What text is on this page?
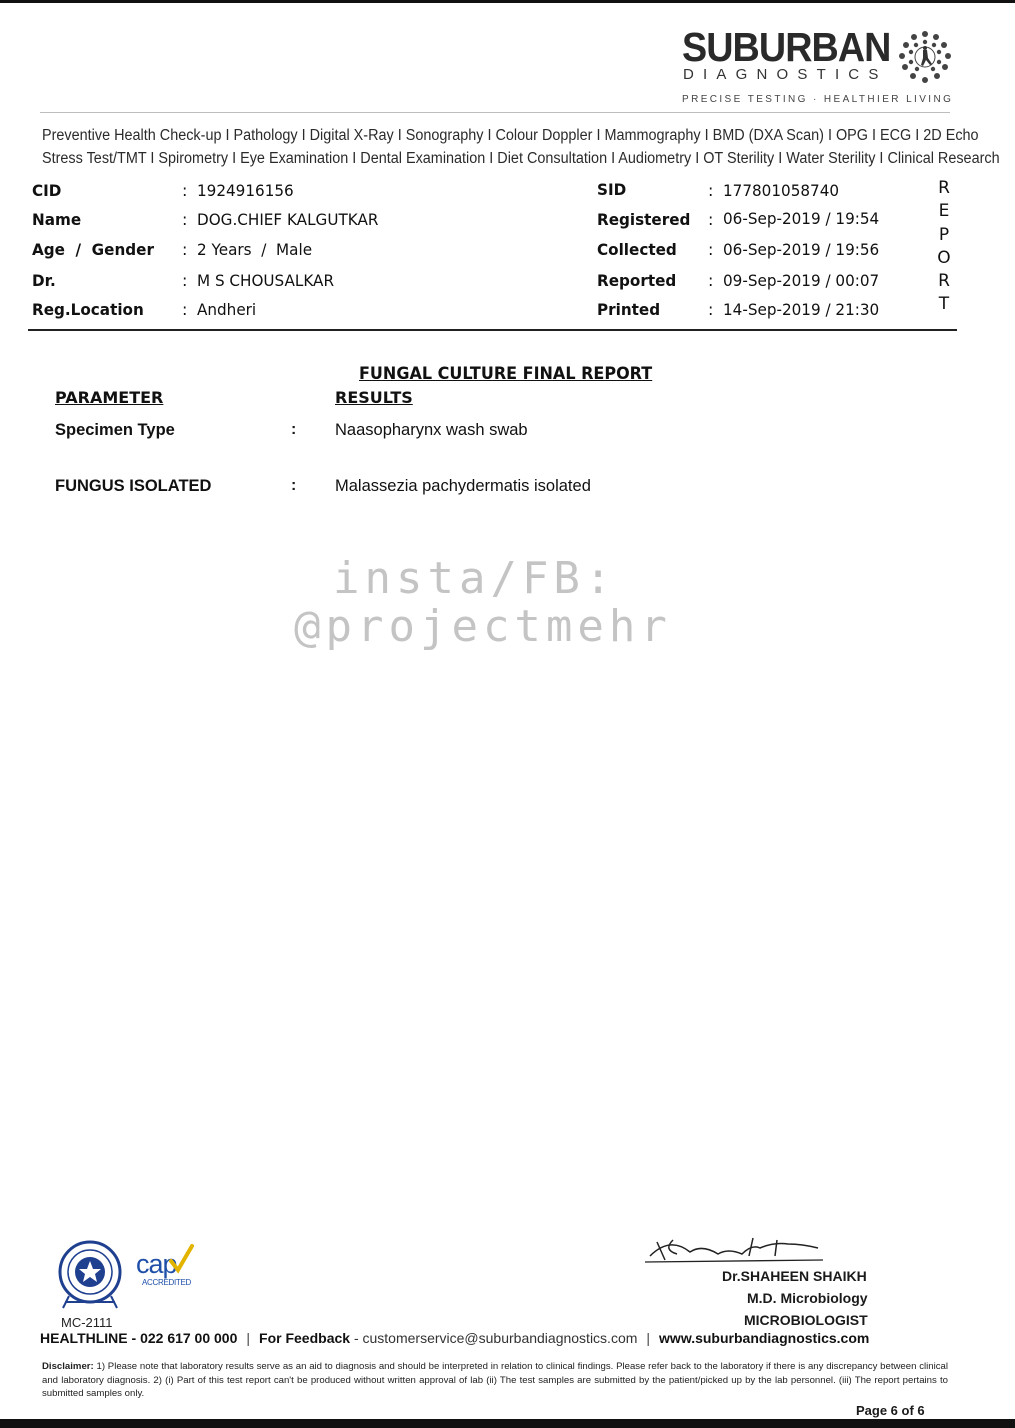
SUBURBAN
DIAGNOSTICS
PRECISE TESTING · HEALTHIER LIVING
Preventive Health Check-up I Pathology I Digital X-Ray I Sonography I Colour Doppler I Mammography I BMD (DXA Scan) I OPG I ECG I 2D Echo
Stress Test/TMT I Spirometry I Eye Examination I Dental Examination I Diet Consultation I Audiometry I OT Sterility I Water Sterility I Clinical Research
CID	: 1924916156
Name	: DOG.CHIEF KALGUTKAR
Age  /  Gender : 2 Years  /  Male
Dr.	: M S CHOUSALKAR
Reg.Location : Andheri
SID	: 177801058740
Registered : 06-Sep-2019 / 19:54
Collected : 06-Sep-2019 / 19:56
Reported : 09-Sep-2019 / 00:07
Printed	: 14-Sep-2019 / 21:30
R
E
P
O
R
T
FUNGAL CULTURE FINAL REPORT
PARAMETER	RESULTS
Specimen Type	: Naasopharynx wash swab
FUNGUS ISOLATED	: Malassezia pachydermatis isolated
insta/FB:
@projectmehr
cap
ACCREDITED
MC-2111
Dr.SHAHEEN SHAIKH
M.D. Microbiology
MICROBIOLOGIST
HEALTHLINE - 022 617 00 000 | For Feedback - customerservice@suburbandiagnostics.com | www.suburbandiagnostics.com
Disclaimer: 1) Please note that laboratory results serve as an aid to diagnosis and should be interpreted in relation to clinical findings. Please refer back to the laboratory if there is any discrepancy between clinical and laboratory diagnosis. 2) (i) Part of this test report can't be produced without written approval of lab (ii) The test samples are submitted by the patient/picked up by the lab personnel. (iii) The report pertains to submitted samples only.
Page 6 of 6
